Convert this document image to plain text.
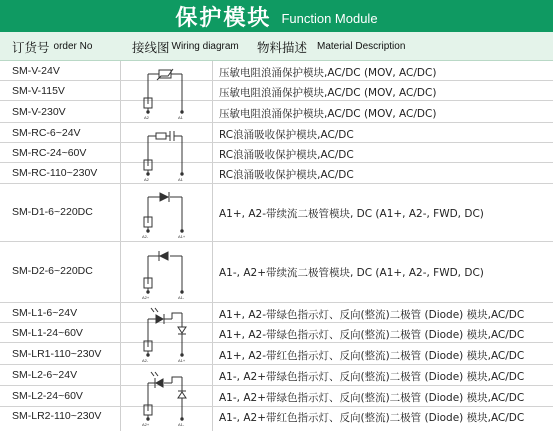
保护模块 Function Module
订货号 order No	接线图 Wiring diagram 物料描述 Material Description
SM-V-24V	压敏电阻浪涌保护模块,AC/DC (MOV, AC/DC)
SM-V-115V	压敏电阻浪涌保护模块,AC/DC (MOV, AC/DC)
SM-V-230V	压敏电阻浪涌保护模块,AC/DC (MOV, AC/DC)
SM-RC-6~24V	RC浪涌吸收保护模块,AC/DC
SM-RC-24~60V	RC浪涌吸收保护模块,AC/DC
SM-RC-110~230V	RC浪涌吸收保护模块,AC/DC
SM-D1-6~220DC	A1+, A2-带续流二极管模块, DC (A1+, A2-, FWD, DC)
SM-D2-6~220DC	A1-, A2+带续流二极管模块, DC (A1+, A2-, FWD, DC)
SM-L1-6~24V	A1+, A2-带绿色指示灯、反向(整流)二极管 (Diode) 模块,AC/DC
SM-L1-24~60V	A1+, A2-带绿色指示灯、反向(整流)二极管 (Diode) 模块,AC/DC
SM-LR1-110~230V	A1+, A2-带红色指示灯、反向(整流)二极管 (Diode) 模块,AC/DC
SM-L2-6~24V	A1-, A2+带绿色指示灯、反向(整流)二极管 (Diode) 模块,AC/DC
SM-L2-24~60V	A1-, A2+带绿色指示灯、反向(整流)二极管 (Diode) 模块,AC/DC
SM-LR2-110~230V	A1-, A2+带红色指示灯、反向(整流)二极管 (Diode) 模块,AC/DC
A2	A1
A2	A1
A2-	A1+
A2+	A1-
A2-	A1+
A2+	A1-
